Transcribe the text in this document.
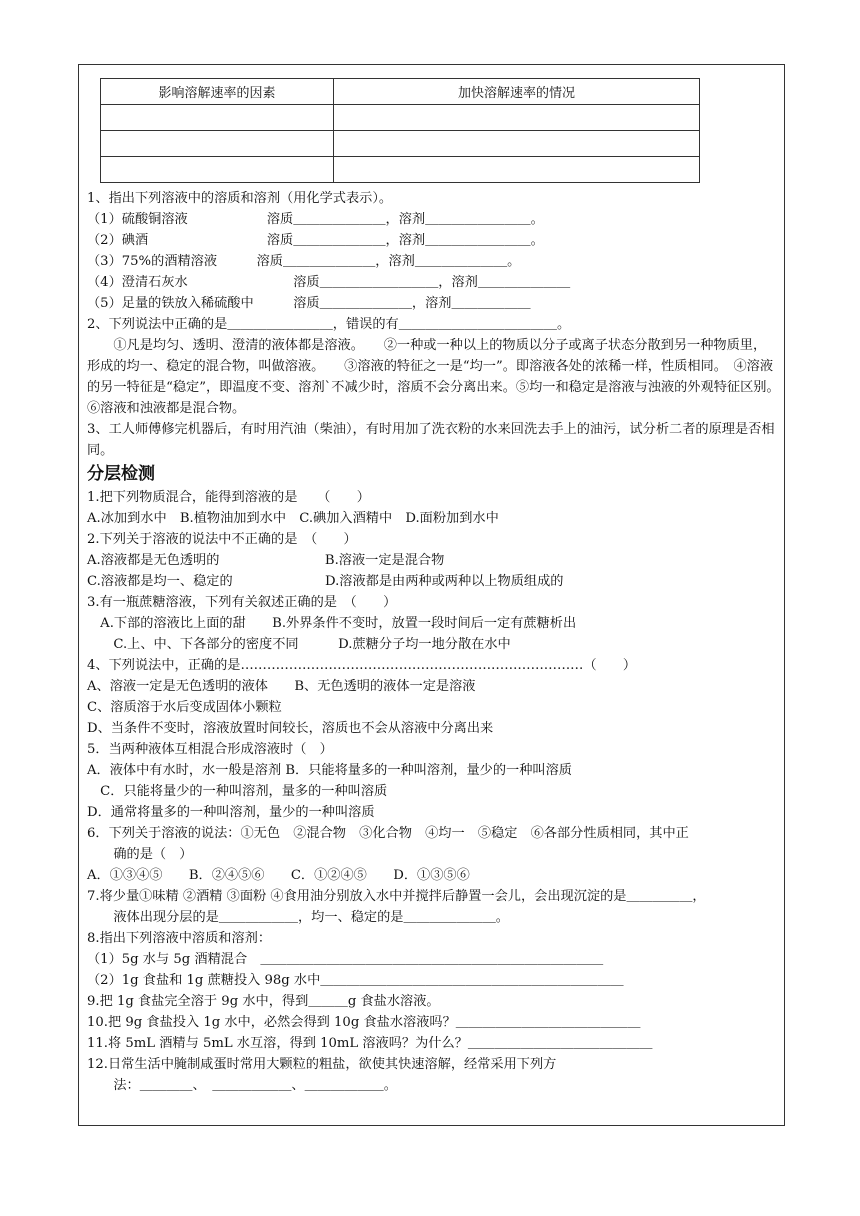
影响溶解速率的因素	加快溶解速率的情况

1、指出下列溶液中的溶质和溶剂（用化学式表示）。
（1）硫酸铜溶液　　　　　　溶质＿＿＿＿＿＿＿，溶剂＿＿＿＿＿＿＿＿。
（2）碘酒　　　　　　　　　溶质＿＿＿＿＿＿＿，溶剂＿＿＿＿＿＿＿＿。
（3）75%的酒精溶液　　　溶质＿＿＿＿＿＿＿，溶剂＿＿＿＿＿＿＿。
（4）澄清石灰水　　　　　　　　溶质＿＿＿＿＿＿＿＿＿，溶剂＿＿＿＿＿＿＿
（5）足量的铁放入稀硫酸中　　　溶质＿＿＿＿＿＿＿，溶剂＿＿＿＿＿＿
2、下列说法中正确的是＿＿＿＿＿＿＿＿，错误的有＿＿＿＿＿＿＿＿＿＿＿＿。
　　①凡是均匀、透明、澄清的液体都是溶液。　　②一种或一种以上的物质以分子或离子状态分散到另一种物质里，形成的均一、稳定的混合物，叫做溶液。　　③溶液的特征之一是“均一”。即溶液各处的浓稀一样，性质相同。　④溶液的另一特征是“稳定”，即温度不变、溶剂`不减少时，溶质不会分离出来。⑤均一和稳定是溶液与浊液的外观特征区别。　　⑥溶液和浊液都是混合物。
3、工人师傅修完机器后，有时用汽油（柴油），有时用加了洗衣粉的水来回洗去手上的油污，试分析二者的原理是否相同。
分层检测
1.把下列物质混合，能得到溶液的是　　（　　）
A.冰加到水中　B.植物油加到水中　C.碘加入酒精中　D.面粉加到水中
2.下列关于溶液的说法中不正确的是　（　　）
A.溶液都是无色透明的　　　　　　　　B.溶液一定是混合物
C.溶液都是均一、稳定的　　　　　　　D.溶液都是由两种或两种以上物质组成的
3.有一瓶蔗糖溶液，下列有关叙述正确的是　（　　）
　A.下部的溶液比上面的甜　　B.外界条件不变时，放置一段时间后一定有蔗糖析出
　　C.上、中、下各部分的密度不同　　　D.蔗糖分子均一地分散在水中
4、下列说法中，正确的是……………………………………………………………………（　　）
A、溶液一定是无色透明的液体　　B、无色透明的液体一定是溶液
C、溶质溶于水后变成固体小颗粒
D、当条件不变时，溶液放置时间较长，溶质也不会从溶液中分离出来
5．当两种液体互相混合形成溶液时（　）
A．液体中有水时，水一般是溶剂 B．只能将量多的一种叫溶剂，量少的一种叫溶质
　C．只能将量少的一种叫溶剂，量多的一种叫溶质
D．通常将量多的一种叫溶剂，量少的一种叫溶质
6．下列关于溶液的说法：①无色　②混合物　③化合物　④均一　⑤稳定　⑥各部分性质相同，其中正
　　确的是（　）
A．①③④⑤　　B．②④⑤⑥　　C．①②④⑤　　D．①③⑤⑥
7.将少量①味精 ②酒精 ③面粉 ④食用油分别放入水中并搅拌后静置一会儿，会出现沉淀的是＿＿＿＿＿，
　　液体出现分层的是＿＿＿＿＿＿，均一、稳定的是＿＿＿＿＿＿＿。
8.指出下列溶液中溶质和溶剂：
（1）5g 水与 5g 酒精混合　＿＿＿＿＿＿＿＿＿＿＿＿＿＿＿＿＿＿＿＿＿＿＿＿＿＿
（2）1g 食盐和 1g 蔗糖投入 98g 水中＿＿＿＿＿＿＿＿＿＿＿＿＿＿＿＿＿＿＿＿＿＿＿
9.把 1g 食盐完全溶于 9g 水中，得到＿＿＿g 食盐水溶液。
10.把 9g 食盐投入 1g 水中，必然会得到 10g 食盐水溶液吗？＿＿＿＿＿＿＿＿＿＿＿＿＿＿
11.将 5mL 酒精与 5mL 水互溶，得到 10mL 溶液吗？为什么？＿＿＿＿＿＿＿＿＿＿＿＿＿＿
12.日常生活中腌制咸蛋时常用大颗粒的粗盐，欲使其快速溶解，经常采用下列方
　　法：＿＿＿＿、　＿＿＿＿＿＿、＿＿＿＿＿＿。
